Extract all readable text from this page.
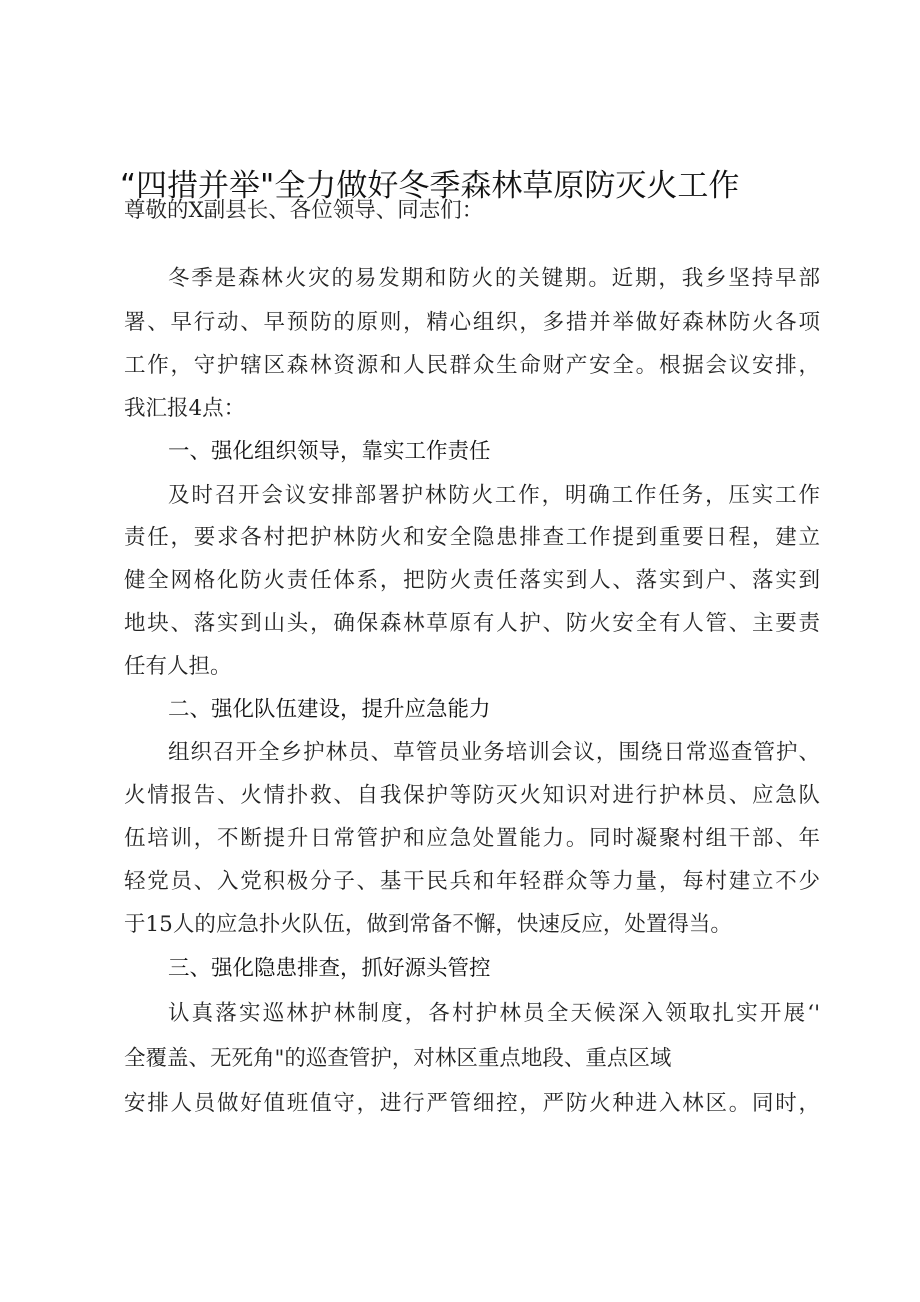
“四措并举"全力做好冬季森林草原防灭火工作
尊敬的X副县长、各位领导、同志们：
冬季是森林火灾的易发期和防火的关键期。近期，我乡坚持早部
署、早行动、早预防的原则，精心组织，多措并举做好森林防火各项
工作，守护辖区森林资源和人民群众生命财产安全。根据会议安排，
我汇报4点：
一、强化组织领导，靠实工作责任
及时召开会议安排部署护林防火工作，明确工作任务，压实工作
责任，要求各村把护林防火和安全隐患排查工作提到重要日程，建立
健全网格化防火责任体系，把防火责任落实到人、落实到户、落实到
地块、落实到山头，确保森林草原有人护、防火安全有人管、主要责
任有人担。
二、强化队伍建设，提升应急能力
组织召开全乡护林员、草管员业务培训会议，围绕日常巡查管护、
火情报告、火情扑救、自我保护等防灭火知识对进行护林员、应急队
伍培训，不断提升日常管护和应急处置能力。同时凝聚村组干部、年
轻党员、入党积极分子、基干民兵和年轻群众等力量，每村建立不少
于15人的应急扑火队伍，做到常备不懈，快速反应，处置得当。
三、强化隐患排查，抓好源头管控
认真落实巡林护林制度，各村护林员全天候深入领取扎实开展‘'
全覆盖、无死角"的巡查管护，对林区重点地段、重点区域
安排人员做好值班值守，进行严管细控，严防火种进入林区。同时，
